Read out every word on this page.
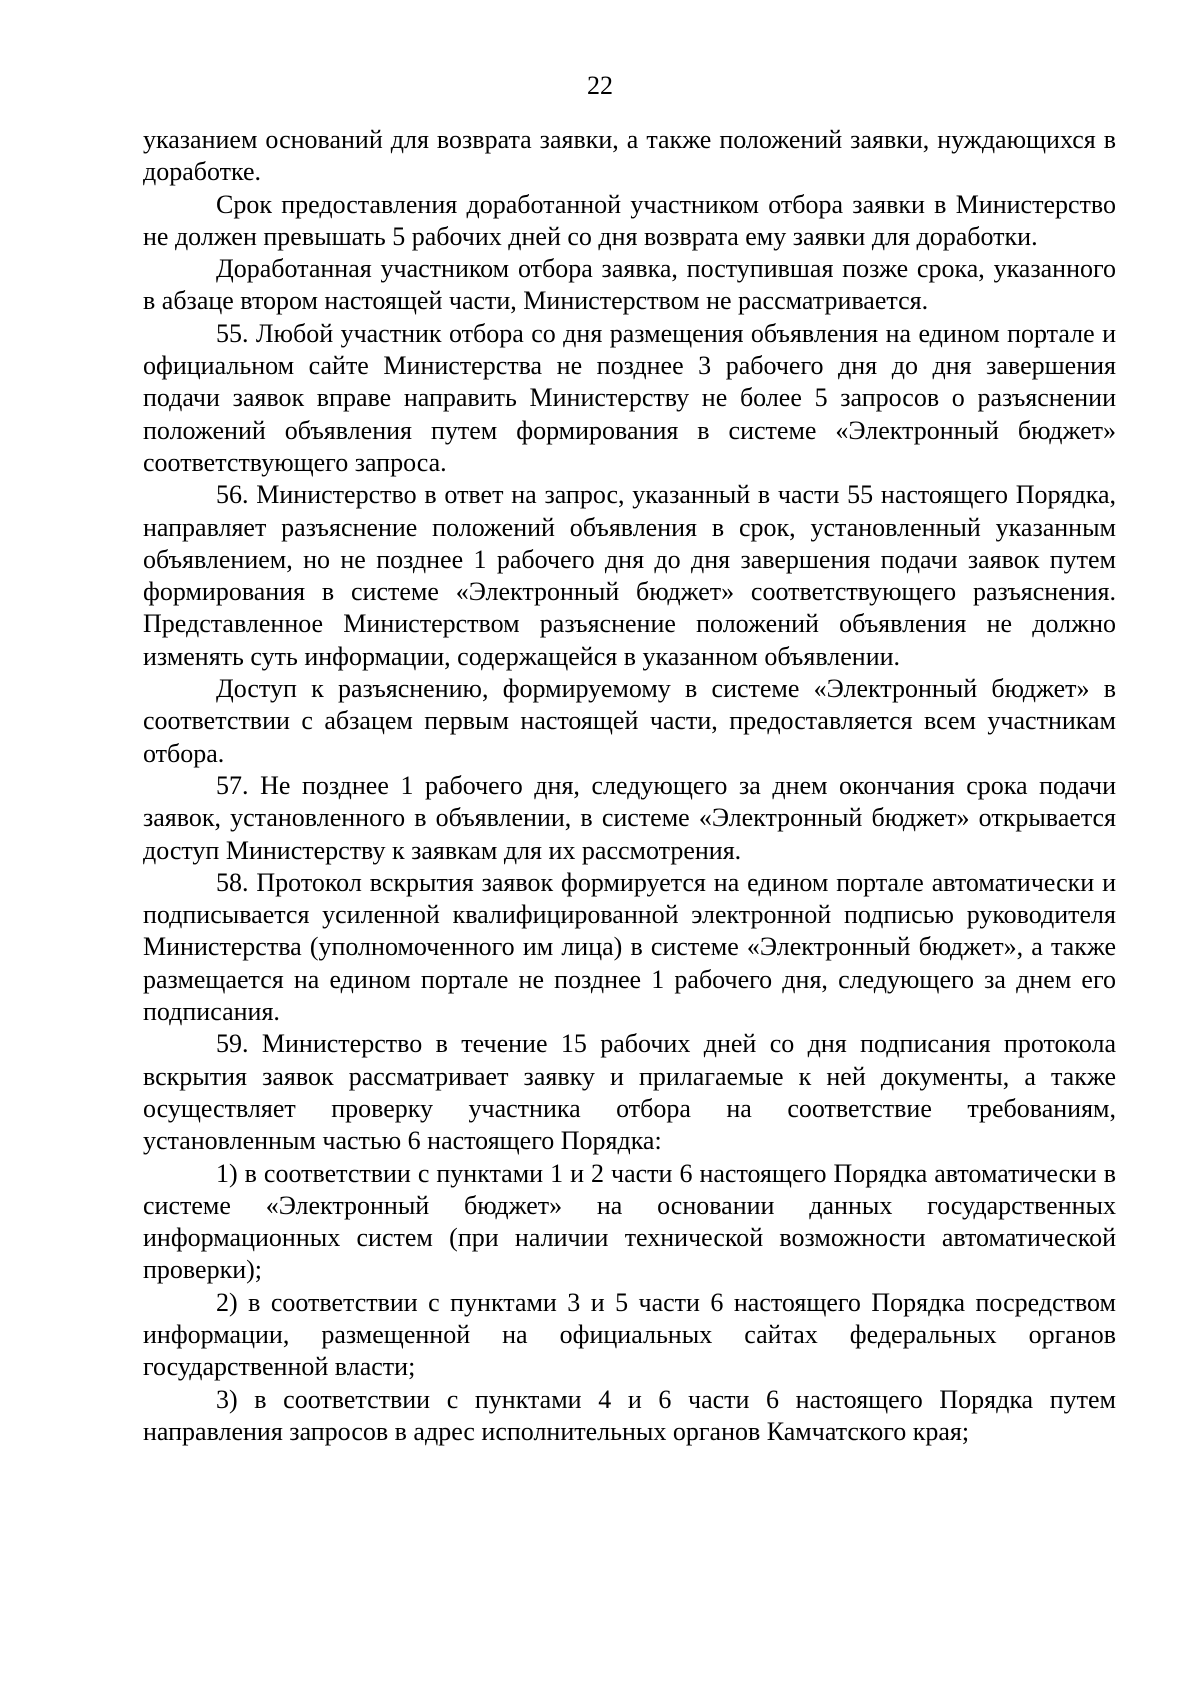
22

указанием оснований для возврата заявки, а также положений заявки, нуждающихся в доработке.

Срок предоставления доработанной участником отбора заявки в Министерство не должен превышать 5 рабочих дней со дня возврата ему заявки для доработки.

Доработанная участником отбора заявка, поступившая позже срока, указанного в абзаце втором настоящей части, Министерством не рассматривается.

55. Любой участник отбора со дня размещения объявления на едином портале и официальном сайте Министерства не позднее 3 рабочего дня до дня завершения подачи заявок вправе направить Министерству не более 5 запросов о разъяснении положений объявления путем формирования в системе «Электронный бюджет» соответствующего запроса.

56. Министерство в ответ на запрос, указанный в части 55 настоящего Порядка, направляет разъяснение положений объявления в срок, установленный указанным объявлением, но не позднее 1 рабочего дня до дня завершения подачи заявок путем формирования в системе «Электронный бюджет» соответствующего разъяснения. Представленное Министерством разъяснение положений объявления не должно изменять суть информации, содержащейся в указанном объявлении.

Доступ к разъяснению, формируемому в системе «Электронный бюджет» в соответствии с абзацем первым настоящей части, предоставляется всем участникам отбора.

57. Не позднее 1 рабочего дня, следующего за днем окончания срока подачи заявок, установленного в объявлении, в системе «Электронный бюджет» открывается доступ Министерству к заявкам для их рассмотрения.

58. Протокол вскрытия заявок формируется на едином портале автоматически и подписывается усиленной квалифицированной электронной подписью руководителя Министерства (уполномоченного им лица) в системе «Электронный бюджет», а также размещается на едином портале не позднее 1 рабочего дня, следующего за днем его подписания.

59. Министерство в течение 15 рабочих дней со дня подписания протокола вскрытия заявок рассматривает заявку и прилагаемые к ней документы, а также осуществляет проверку участника отбора на соответствие требованиям, установленным частью 6 настоящего Порядка:

1) в соответствии с пунктами 1 и 2 части 6 настоящего Порядка автоматически в системе «Электронный бюджет» на основании данных государственных информационных систем (при наличии технической возможности автоматической проверки);

2) в соответствии с пунктами 3 и 5 части 6 настоящего Порядка посредством информации, размещенной на официальных сайтах федеральных органов государственной власти;

3) в соответствии с пунктами 4 и 6 части 6 настоящего Порядка путем направления запросов в адрес исполнительных органов Камчатского края;
